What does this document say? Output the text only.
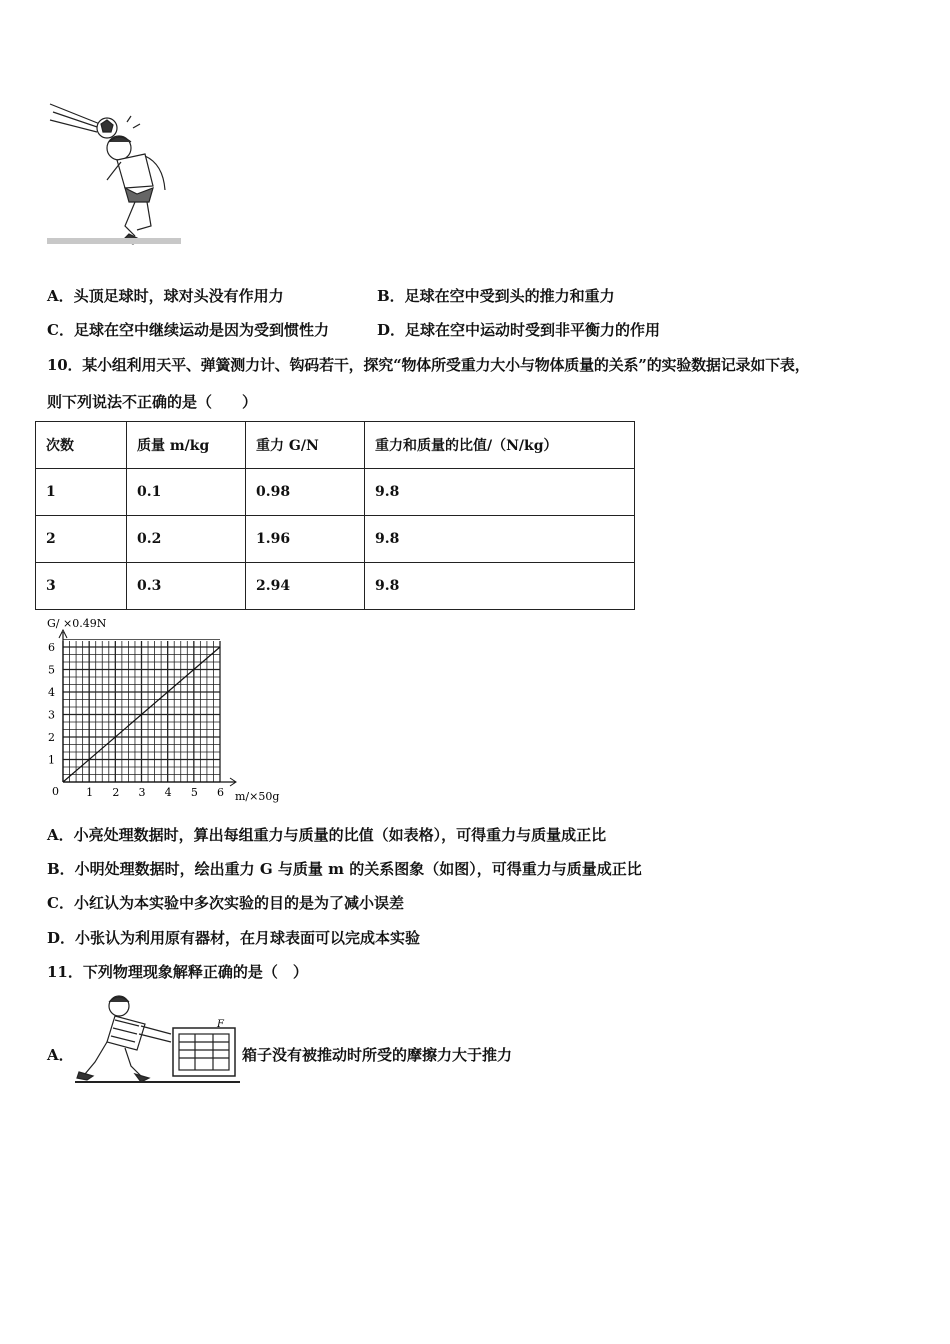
A．头顶足球时，球对头没有作用力	B．足球在空中受到头的推力和重力
C．足球在空中继续运动是因为受到惯性力	D．足球在空中运动时受到非平衡力的作用
10．某小组利用天平、弹簧测力计、钩码若干，探究“物体所受重力大小与物体质量的关系”的实验数据记录如下表，
则下列说法不正确的是（　　）
次数	质量 m/kg	重力 G/N	重力和质量的比值/（N/kg）
1	0.1	0.98	9.8
2	0.2	1.96	9.8
3	0.3	2.94	9.8
G/ ×0.49N
m/×50g
0 1 2 3 4 5 6
1
2
3
4
5
6
A．小亮处理数据时，算出每组重力与质量的比值（如表格），可得重力与质量成正比
B．小明处理数据时，绘出重力 G 与质量 m 的关系图象（如图），可得重力与质量成正比
C．小红认为本实验中多次实验的目的是为了减小误差
D．小张认为利用原有器材，在月球表面可以完成本实验
11．下列物理现象解释正确的是（　）
A．
F
箱子没有被推动时所受的摩擦力大于推力
